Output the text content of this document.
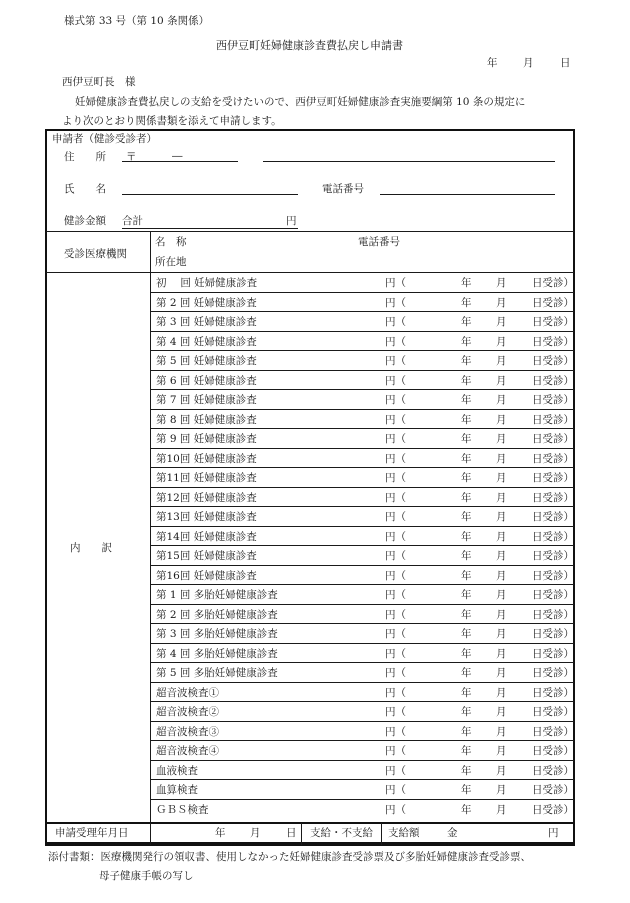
様式第 33 号（第 10 条関係）
西伊豆町妊婦健康診査費払戻し申請書
年 月	日
西伊豆町長　様
妊婦健康診査費払戻しの支給を受けたいので、西伊豆町妊婦健康診査実施要綱第 10 条の規定に
より次のとおり関係書類を添えて申請します。
申請者（健診受診者）
住　　所 〒	―
氏　　名	電話番号
健診金額 合計	円
受診医療機関
名　称	電話番号
所在地
内　　訳
初　 回 妊婦健康診査	円（	年 月 日受診）
第 2 回 妊婦健康診査	円（	年 月 日受診）
第 3 回 妊婦健康診査	円（	年 月 日受診）
第 4 回 妊婦健康診査	円（	年 月 日受診）
第 5 回 妊婦健康診査	円（	年 月 日受診）
第 6 回 妊婦健康診査	円（	年 月 日受診）
第 7 回 妊婦健康診査	円（	年 月 日受診）
第 8 回 妊婦健康診査	円（	年 月 日受診）
第 9 回 妊婦健康診査	円（	年 月 日受診）
第10回 妊婦健康診査	円（	年 月 日受診）
第11回 妊婦健康診査	円（	年 月 日受診）
第12回 妊婦健康診査	円（	年 月 日受診）
第13回 妊婦健康診査	円（	年 月 日受診）
第14回 妊婦健康診査	円（	年 月 日受診）
第15回 妊婦健康診査	円（	年 月 日受診）
第16回 妊婦健康診査	円（	年 月 日受診）
第 1 回 多胎妊婦健康診査	円（	年 月 日受診）
第 2 回 多胎妊婦健康診査	円（	年 月 日受診）
第 3 回 多胎妊婦健康診査	円（	年 月 日受診）
第 4 回 多胎妊婦健康診査	円（	年 月 日受診）
第 5 回 多胎妊婦健康診査	円（	年 月 日受診）
超音波検査①	円（	年 月 日受診）
超音波検査②	円（	年 月 日受診）
超音波検査③	円（	年 月 日受診）
超音波検査④	円（	年 月 日受診）
血液検査	円（	年 月 日受診）
血算検査	円（	年 月 日受診）
ＧＢＳ検査	円（	年 月 日受診）
申請受理年月日	年 月 日 支給・不支給 支給額	金	円
添付書類：医療機関発行の領収書、使用しなかった妊婦健康診査受診票及び多胎妊婦健康診査受診票、
母子健康手帳の写し
